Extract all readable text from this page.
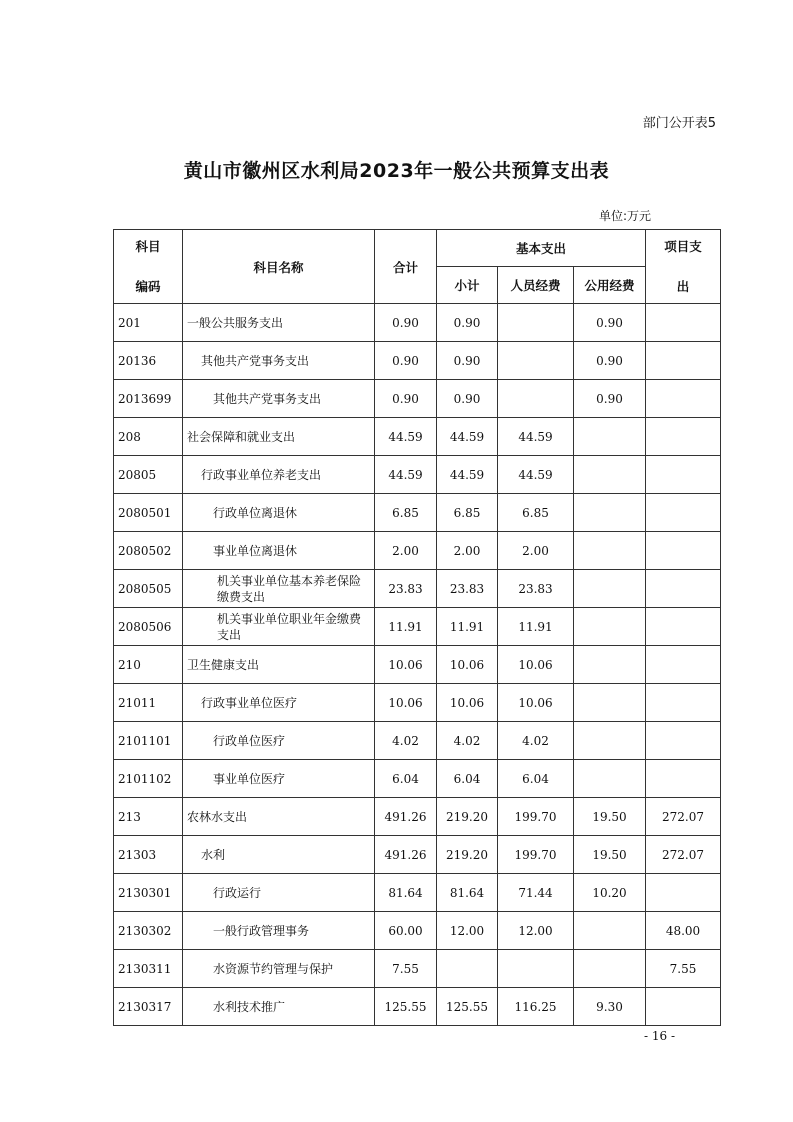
部门公开表5
黄山市徽州区水利局2023年一般公共预算支出表
单位:万元
科目

编码	科目名称	合计	基本支出			项目支

出
			小计	人员经费	公用经费	
201	一般公共服务支出	0.90	0.90		0.90	
20136	其他共产党事务支出	0.90	0.90		0.90	
2013699	其他共产党事务支出	0.90	0.90		0.90	
208	社会保障和就业支出	44.59	44.59	44.59		
20805	行政事业单位养老支出	44.59	44.59	44.59		
2080501	行政单位离退休	6.85	6.85	6.85		
2080502	事业单位离退休	2.00	2.00	2.00		
2080505	机关事业单位基本养老保险缴费支出	23.83	23.83	23.83		
2080506	机关事业单位职业年金缴费支出	11.91	11.91	11.91		
210	卫生健康支出	10.06	10.06	10.06		
21011	行政事业单位医疗	10.06	10.06	10.06		
2101101	行政单位医疗	4.02	4.02	4.02		
2101102	事业单位医疗	6.04	6.04	6.04		
213	农林水支出	491.26	219.20	199.70	19.50	272.07
21303	水利	491.26	219.20	199.70	19.50	272.07
2130301	行政运行	81.64	81.64	71.44	10.20	
2130302	一般行政管理事务	60.00	12.00	12.00		48.00
2130311	水资源节约管理与保护	7.55				7.55
2130317	水利技术推广	125.55	125.55	116.25	9.30	
- 16 -
